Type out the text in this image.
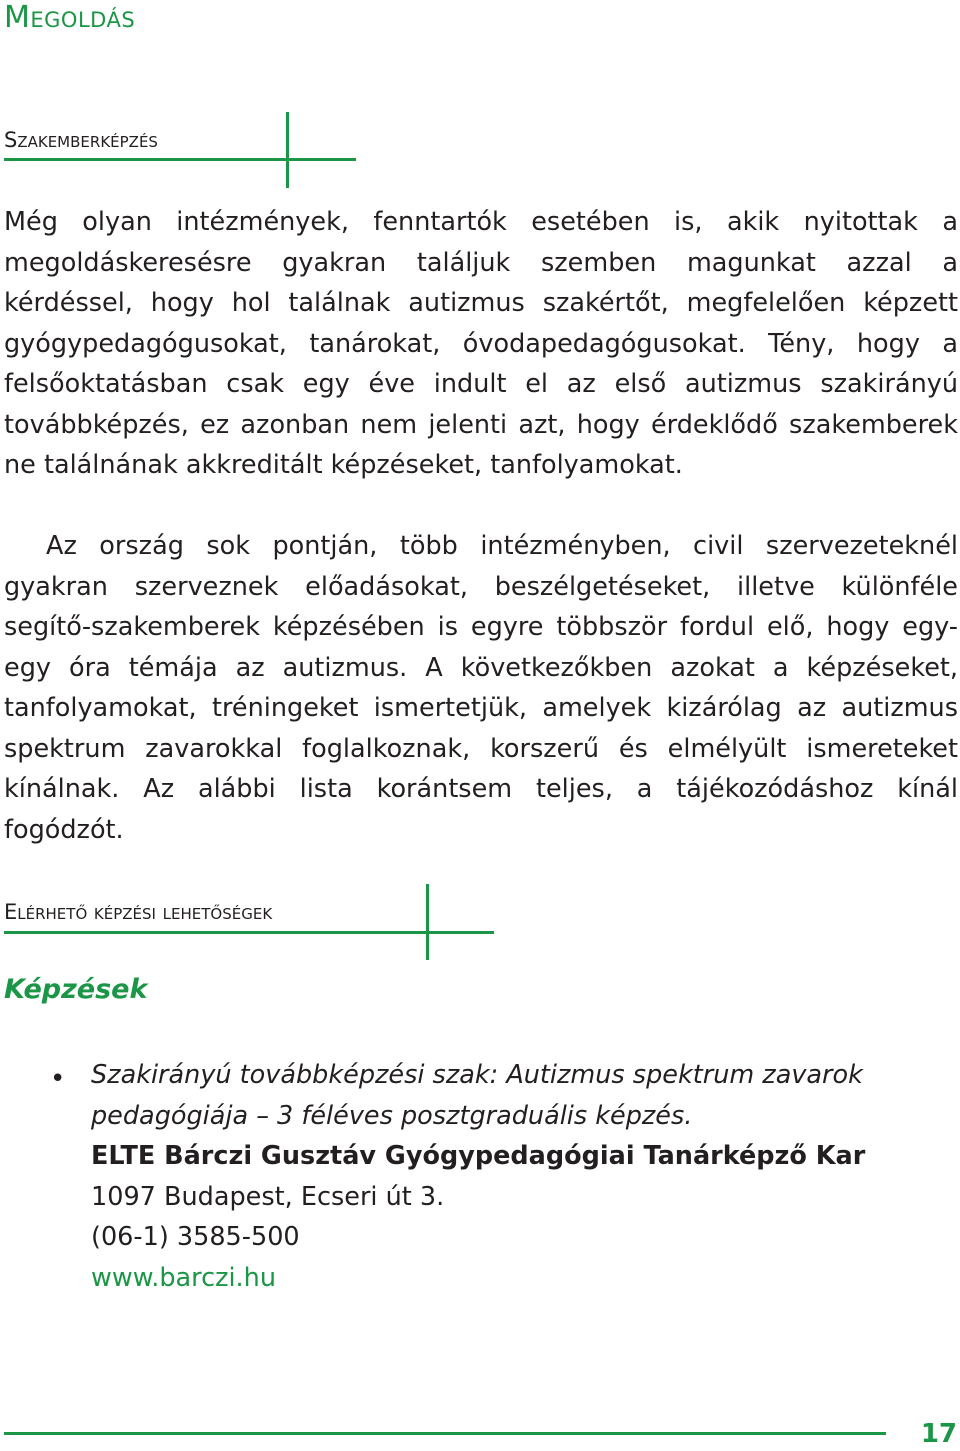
Megoldás
Szakemberképzés

Még olyan intézmények, fenntartók esetében is, akik nyitottak a megoldáskeresésre gyakran találjuk szemben magunkat azzal a kérdéssel, hogy hol találnak autizmus szakértőt, megfelelően képzett gyógypedagógusokat, tanárokat, óvodapedagógusokat. Tény, hogy a felsőoktatásban csak egy éve indult el az első autizmus szakirányú továbbképzés, ez azonban nem jelenti azt, hogy érdeklődő szakemberek ne találnának akkreditált képzéseket, tanfolyamokat.

Az ország sok pontján, több intézményben, civil szervezeteknél gyakran szerveznek előadásokat, beszélgetéseket, illetve különféle segítő-szakemberek képzésében is egyre többször fordul elő, hogy egy-egy óra témája az autizmus. A következőkben azokat a képzéseket, tanfolyamokat, tréningeket ismertetjük, amelyek kizárólag az autizmus spektrum zavarokkal foglalkoznak, korszerű és elmélyült ismereteket kínálnak. Az alábbi lista korántsem teljes, a tájékozódáshoz kínál fogódzót.

Elérhető képzési lehetőségek
Képzések
• Szakirányú továbbképzési szak: Autizmus spektrum zavarok
pedagógiája – 3 féléves posztgraduális képzés.
ELTE Bárczi Gusztáv Gyógypedagógiai Tanárképző Kar
1097 Budapest, Ecseri út 3.
(06-1) 3585-500
www.barczi.hu
17
